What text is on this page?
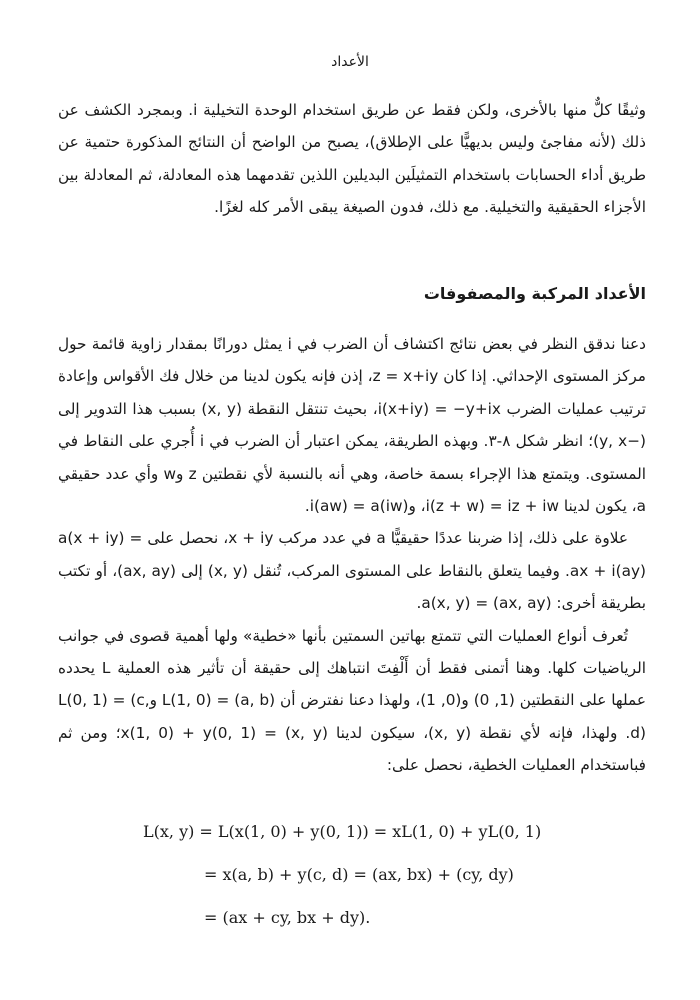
الأعداد

وثيقًا كلٌّ منها بالأخرى، ولكن فقط عن طريق استخدام الوحدة التخيلية i. وبمجرد الكشف عن ذلك (لأنه مفاجئ وليس بديهيًّا على الإطلاق)، يصبح من الواضح أن النتائج المذكورة حتمية عن طريق أداء الحسابات باستخدام التمثيلَين البديلين اللذين تقدمهما هذه المعادلة، ثم المعادلة بين الأجزاء الحقيقية والتخيلية. مع ذلك، فدون الصيغة يبقى الأمر كله لغزًا.

الأعداد المركبة والمصفوفات

دعنا ندقق النظر في بعض نتائج اكتشاف أن الضرب في i يمثل دورانًا بمقدار زاوية قائمة حول مركز المستوى الإحداثي. إذا كان z = x+iy، إذن فإنه يكون لدينا من خلال فك الأقواس وإعادة ترتيب عمليات الضرب i(x+iy) = −y+ix، بحيث تنتقل النقطة (x, y) بسبب هذا التدوير إلى (−y, x)؛ انظر شكل ٨-٣. وبهذه الطريقة، يمكن اعتبار أن الضرب في i أُجري على النقاط في المستوى. ويتمتع هذا الإجراء بسمة خاصة، وهي أنه بالنسبة لأي نقطتين z وw وأي عدد حقيقي a، يكون لدينا i(z + w) = iz + iw، وi(aw) = a(iw).

علاوة على ذلك، إذا ضربنا عددًا حقيقيًّا a في عدد مركب x + iy، نحصل على a(x + iy) = ax + i(ay). وفيما يتعلق بالنقاط على المستوى المركب، تُنقل (x, y) إلى (ax, ay)، أو تكتب بطريقة أخرى: a(x, y) = (ax, ay).

تُعرف أنواع العمليات التي تتمتع بهاتين السمتين بأنها «خطية» ولها أهمية قصوى في جوانب الرياضيات كلها. وهنا أتمنى فقط أن أَلْفِتَ انتباهك إلى حقيقة أن تأثير هذه العملية L يحدده عملها على النقطتين (1, 0) و(0, 1)، ولهذا دعنا نفترض أن L(1, 0) = (a, b) وL(0, 1) = (c, d). ولهذا، فإنه لأي نقطة (x, y)، سيكون لدينا (x, y) = x(1, 0) + y(0, 1)؛ ومن ثم فباستخدام العمليات الخطية، نحصل على:

L(x, y) = L(x(1, 0) + y(0, 1)) = xL(1, 0) + yL(0, 1)
= x(a, b) + y(c, d) = (ax, bx) + (cy, dy)
= (ax + cy, bx + dy).
